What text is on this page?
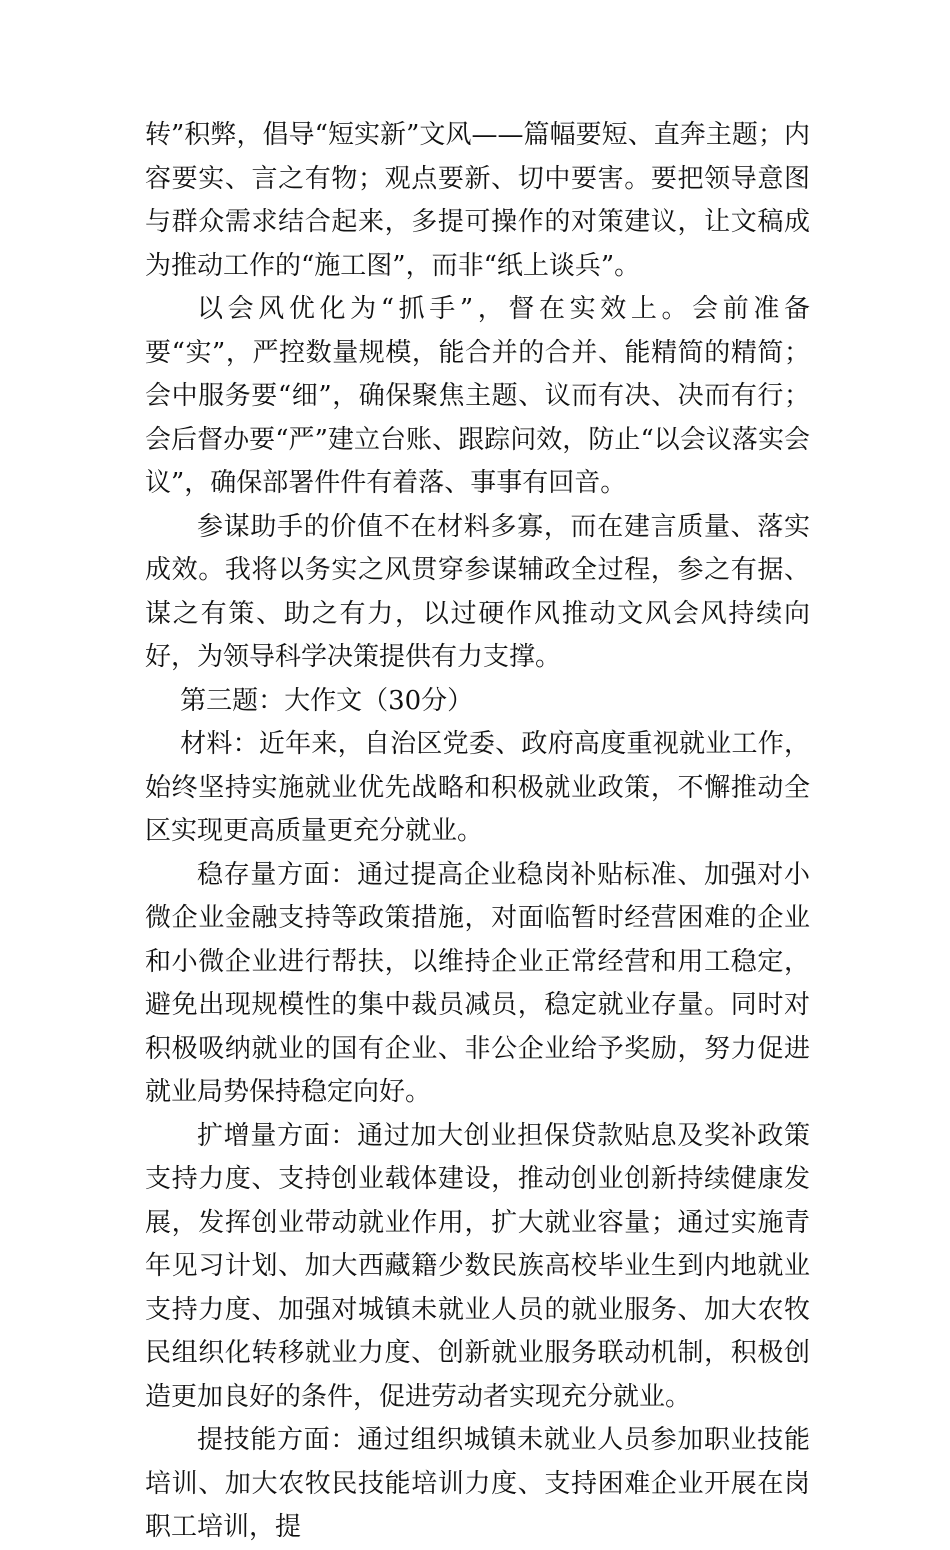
转”积弊，倡导“短实新”文风——篇幅要短、直奔主题；内容要实、言之有物；观点要新、切中要害。要把领导意图与群众需求结合起来，多提可操作的对策建议，让文稿成为推动工作的“施工图”，而非“纸上谈兵”。

以会风优化为“抓手”，督在实效上。会前准备要“实”，严控数量规模，能合并的合并、能精简的精简；会中服务要“细”，确保聚焦主题、议而有决、决而有行；会后督办要“严”建立台账、跟踪问效，防止“以会议落实会议”，确保部署件件有着落、事事有回音。

参谋助手的价值不在材料多寡，而在建言质量、落实成效。我将以务实之风贯穿参谋辅政全过程，参之有据、谋之有策、助之有力，以过硬作风推动文风会风持续向好，为领导科学决策提供有力支撑。

第三题：大作文（30分）

材料：近年来，自治区党委、政府高度重视就业工作，始终坚持实施就业优先战略和积极就业政策，不懈推动全区实现更高质量更充分就业。

稳存量方面：通过提高企业稳岗补贴标准、加强对小微企业金融支持等政策措施，对面临暂时经营困难的企业和小微企业进行帮扶，以维持企业正常经营和用工稳定，避免出现规模性的集中裁员减员，稳定就业存量。同时对积极吸纳就业的国有企业、非公企业给予奖励，努力促进就业局势保持稳定向好。

扩增量方面：通过加大创业担保贷款贴息及奖补政策支持力度、支持创业载体建设，推动创业创新持续健康发展，发挥创业带动就业作用，扩大就业容量；通过实施青年见习计划、加大西藏籍少数民族高校毕业生到内地就业支持力度、加强对城镇未就业人员的就业服务、加大农牧民组织化转移就业力度、创新就业服务联动机制，积极创造更加良好的条件，促进劳动者实现充分就业。

提技能方面：通过组织城镇未就业人员参加职业技能培训、加大农牧民技能培训力度、支持困难企业开展在岗职工培训，提
